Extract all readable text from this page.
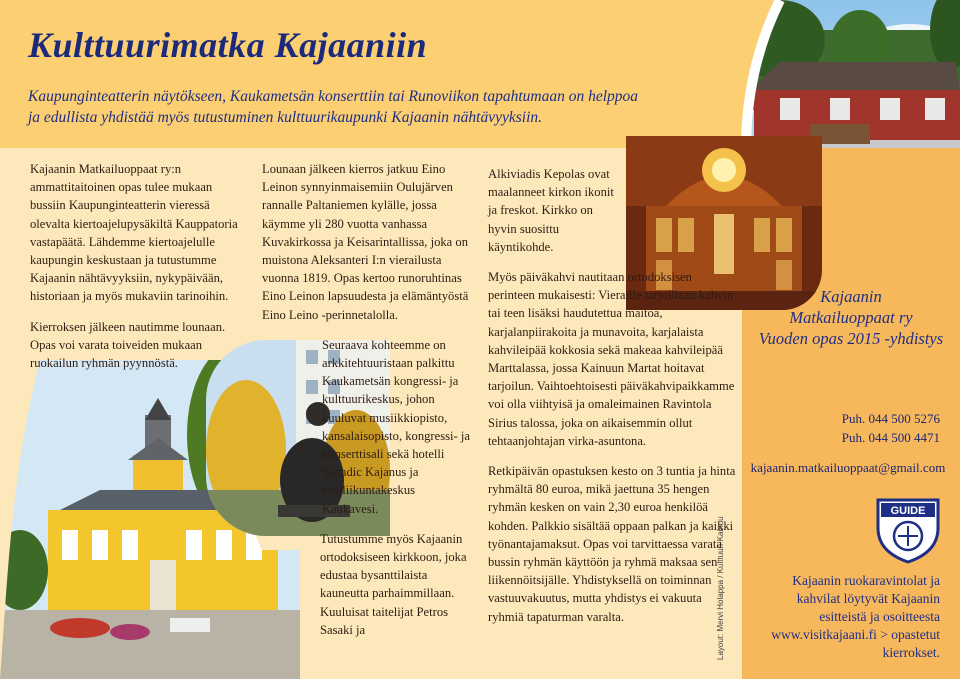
Kulttuurimatka Kajaaniin
Kaupunginteatterin näytökseen, Kaukametsän konserttiin tai Runoviikon tapahtumaan on helppoa
ja edullista yhdistää myös tutustuminen kulttuurikaupunki Kajaanin nähtävyyksiin.

Kajaanin Matkailuoppaat ry:n ammattitaitoinen opas tulee mukaan bussiin Kaupunginteatterin vieressä olevalta kiertoajelupysäkiltä Kauppatoria vastapäätä. Lähdemme kiertoajelulle kaupungin keskustaan ja tutustumme Kajaanin nähtävyyksiin, nykypäivään, historiaan ja myös mukaviin tarinoihin.

Kierroksen jälkeen nautimme lounaan. Opas voi varata toiveiden mukaan ruokailun ryhmän pyynnöstä.

Lounaan jälkeen kierros jatkuu Eino Leinon synnyinmaisemiin Oulujärven rannalle Paltaniemen kylälle, jossa käymme yli 280 vuotta vanhassa Kuvakirkossa ja Keisarintallissa, joka on muistona Aleksanteri I:n vierailusta vuonna 1819. Opas kertoo runoruhtinas Eino Leinon lapsuudesta ja elämäntyöstä Eino Leino -perinnetalolla.

Seuraava kohteemme on arkkitehtuuristaan palkittu Kaukametsän kongressi- ja kulttuurikeskus, johon kuuluvat musiikkiopisto, kansalaisopisto, kongressi- ja konserttisali sekä hotelli Scandic Kajanus ja vesiliikuntakeskus Kaukavesi.

Tutustumme myös Kajaanin ortodoksiseen kirkkoon, joka edustaa bysanttilaista kauneutta parhaimmillaan. Kuuluisat taitelijat Petros Sasaki ja

Alkiviadis Kepolas ovat maalanneet kirkon ikonit ja freskot. Kirkko on hyvin suosittu käyntikohde.

Myös päiväkahvi nautitaan ortodoksisen perinteen mukaisesti: Vieraille tarjoillaan kahvin tai teen lisäksi haudutettua maitoa, karjalanpiirakoita ja munavoita, karjalaista kahvileipää kokkosia sekä makeaa kahvileipää Marttalassa, jossa Kainuun Martat hoitavat tarjoilun. Vaihtoehtoisesti päiväkahvipaikkamme voi olla viihtyisä ja omaleimainen Ravintola Sirius talossa, joka on aikaisemmin ollut tehtaanjohtajan virka-asuntona.

Retkipäivän opastuksen kesto on 3 tuntia ja hinta ryhmältä 80 euroa, mikä jaettuna 35 hengen ryhmän kesken on vain 2,30 euroa henkilöä kohden. Palkkio sisältää oppaan palkan ja kaikki työnantajamaksut. Opas voi tarvittaessa varata bussin ryhmän käyttöön ja ryhmä maksaa sen liikennöitsijälle. Yhdistyksellä on toiminnan vastuuvakuutus, mutta yhdistys ei vakuuta ryhmiä tapaturman varalta.

Kajaanin
Matkailuoppaat ry
Vuoden opas 2015 -yhdistys
Puh. 044 500 5276
Puh. 044 500 4471
kajaanin.matkailuoppaat@gmail.com
GUIDE
Kajaanin ruokaravintolat ja
kahvilat löytyvät Kajaanin
esitteistä ja osoitteesta
www.visitkajaani.fi > opastetut
kierrokset.
Layout: Mervi Holappa / Kulttuuri-Kainuu
